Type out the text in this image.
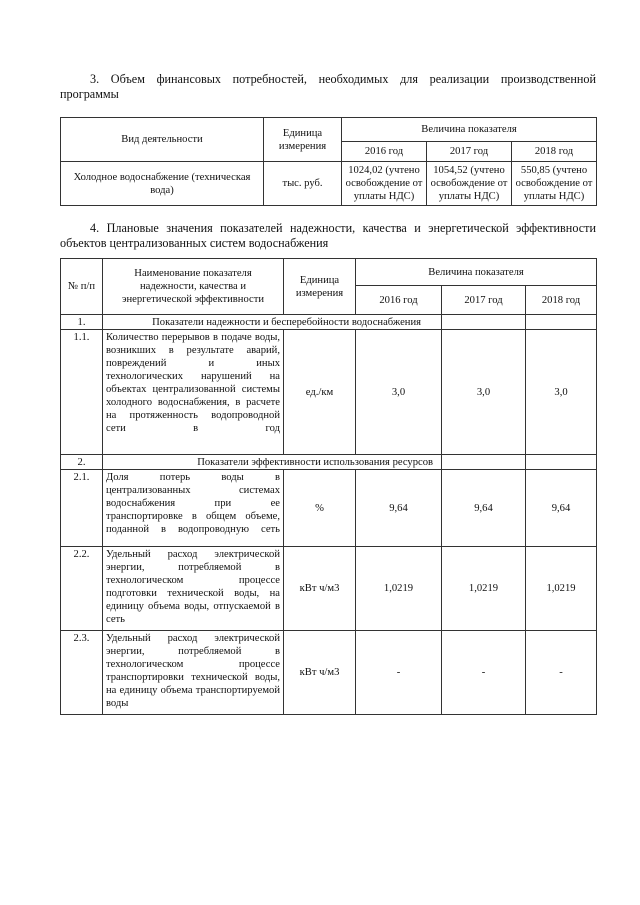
3. Объем финансовых потребностей, необходимых для реализации производственной программы

Вид деятельности	Единица измерения	Величина показателя		
		2016 год	2017 год	2018 год
Холодное водоснабжение (техническая вода)	тыс. руб.	1024,02 (учтено освобождение от уплаты НДС)	1054,52 (учтено освобождение от уплаты НДС)	550,85 (учтено освобождение от уплаты НДС)

4. Плановые значения показателей надежности, качества и энергетической эффективности объектов централизованных систем водоснабжения

№ п/п	Наименование показателя надежности, качества и энергетической эффективности	Единица измерения	Величина показателя		
			2016 год	2017 год	2018 год
1.	Показатели надежности и бесперебойности водоснабжения				
1.1.	Количество перерывов в подаче воды, возникших в результате аварий, повреждений и иных технологических нарушений на объектах централизованной системы холодного водоснабжения, в расчете на протяженность водопроводной сети в год	ед./км	3,0	3,0	3,0
2.	Показатели эффективности использования ресурсов				
2.1.	Доля потерь воды в централизованных системах водоснабжения при ее транспортировке в общем объеме, поданной в водопроводную сеть	%	9,64	9,64	9,64
2.2.	Удельный расход электрической энергии, потребляемой в технологическом процессе подготовки технической воды, на единицу объема воды, отпускаемой в сеть	кВт ч/м3	1,0219	1,0219	1,0219
2.3.	Удельный расход электрической энергии, потребляемой в технологическом процессе транспортировки технической воды, на единицу объема транспортируемой воды	кВт ч/м3	-	-	-
